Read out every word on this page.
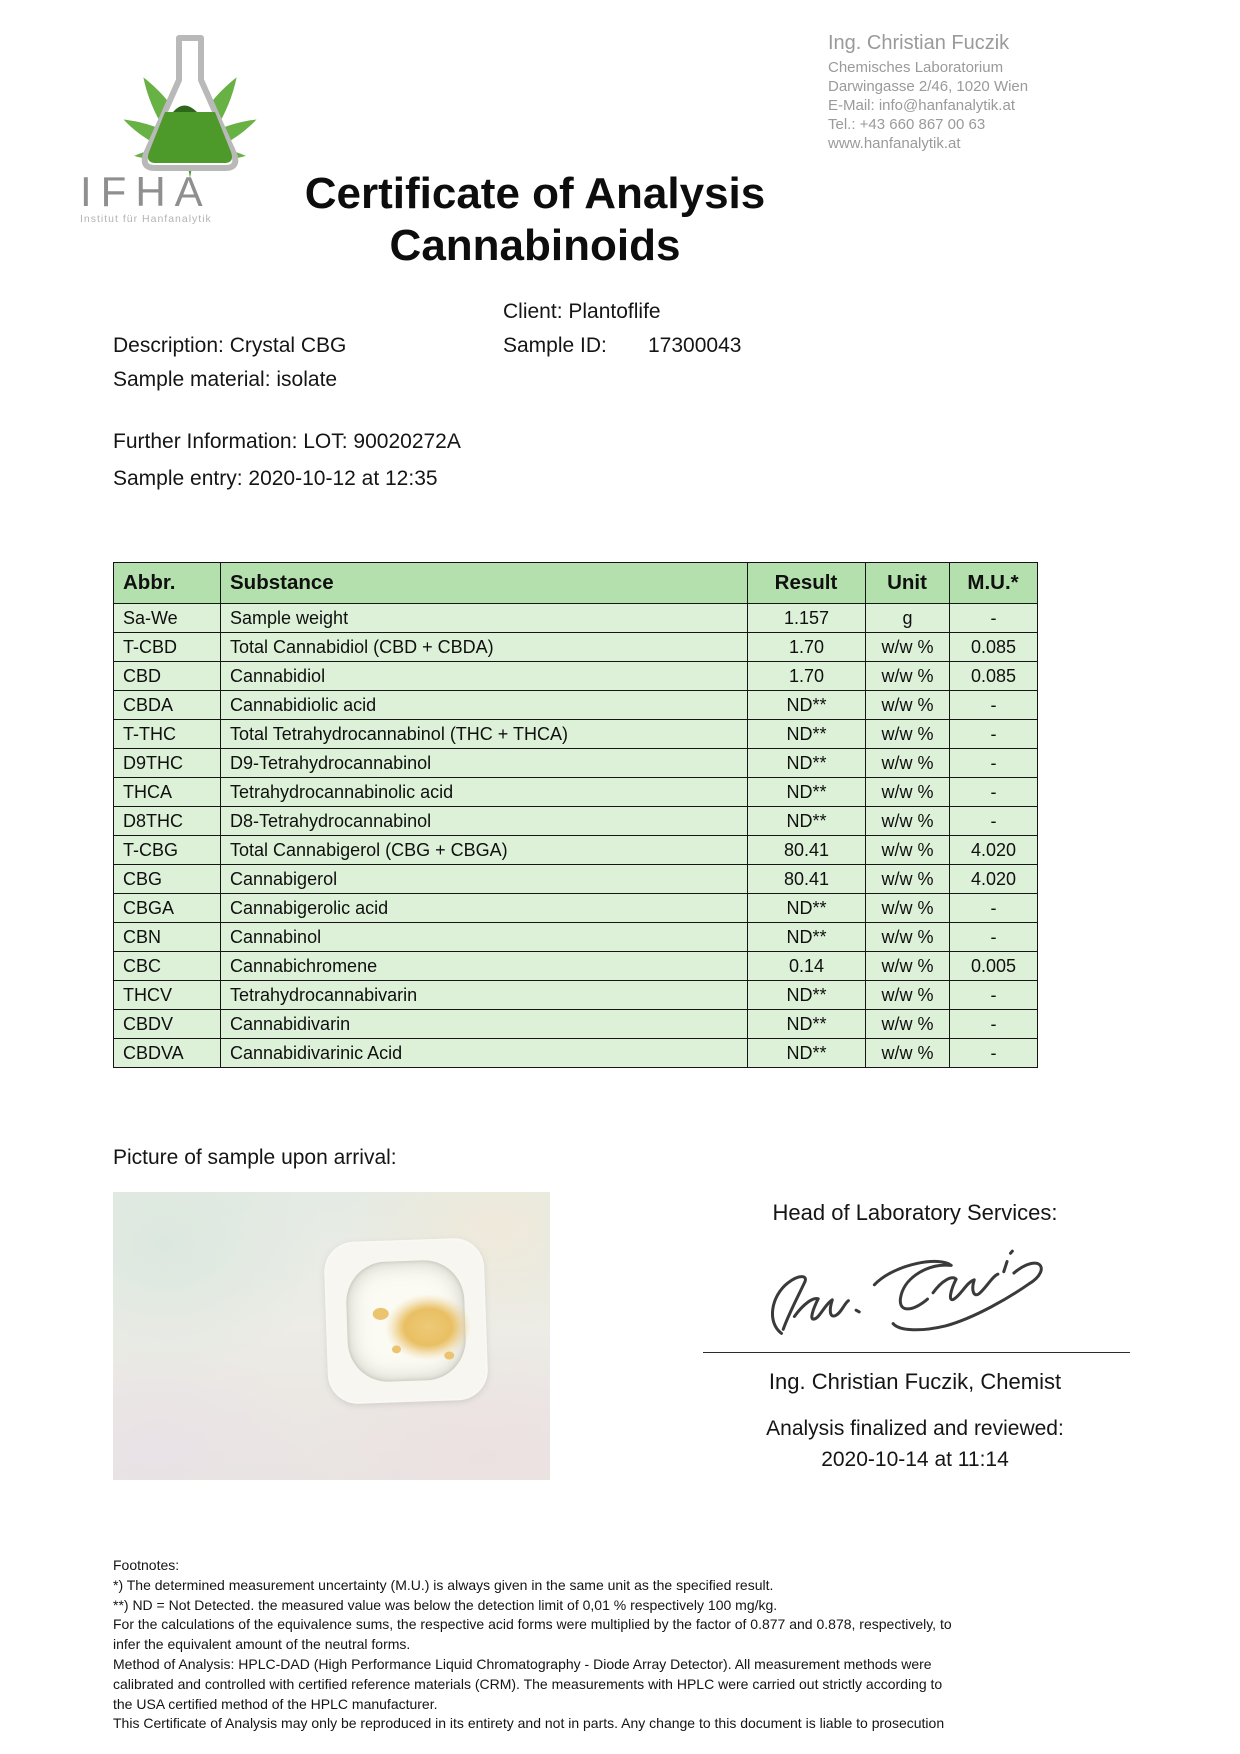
IFHA
Institut für Hanfanalytik
Ing. Christian Fuczik
Chemisches Laboratorium
Darwingasse 2/46, 1020 Wien
E-Mail: info@hanfanalytik.at
Tel.: +43 660 867 00 63
www.hanfanalytik.at
Certificate of Analysis
Cannabinoids
Client: Plantoflife
Description: Crystal CBG	Sample ID: 17300043
Sample material: isolate
Further Information: LOT: 90020272A
Sample entry: 2020-10-12 at 12:35
Abbr.	Substance	Result	Unit	M.U.*
Sa-We	Sample weight	1.157	g	-
T-CBD	Total Cannabidiol (CBD + CBDA)	1.70	w/w %	0.085
CBD	Cannabidiol	1.70	w/w %	0.085
CBDA	Cannabidiolic acid	ND**	w/w %	-
T-THC	Total Tetrahydrocannabinol (THC + THCA)	ND**	w/w %	-
D9THC	D9-Tetrahydrocannabinol	ND**	w/w %	-
THCA	Tetrahydrocannabinolic acid	ND**	w/w %	-
D8THC	D8-Tetrahydrocannabinol	ND**	w/w %	-
T-CBG	Total Cannabigerol (CBG + CBGA)	80.41	w/w %	4.020
CBG	Cannabigerol	80.41	w/w %	4.020
CBGA	Cannabigerolic acid	ND**	w/w %	-
CBN	Cannabinol	ND**	w/w %	-
CBC	Cannabichromene	0.14	w/w %	0.005
THCV	Tetrahydrocannabivarin	ND**	w/w %	-
CBDV	Cannabidivarin	ND**	w/w %	-
CBDVA	Cannabidivarinic Acid	ND**	w/w %	-
Picture of sample upon arrival:
Head of Laboratory Services:
Ing. Christian Fuczik, Chemist
Analysis finalized and reviewed:
2020-10-14 at 11:14
Footnotes:
*) The determined measurement uncertainty (M.U.) is always given in the same unit as the specified result.
**) ND = Not Detected. the measured value was below the detection limit of 0,01 % respectively 100 mg/kg.
For the calculations of the equivalence sums, the respective acid forms were multiplied by the factor of 0.877 and 0.878, respectively, to
infer the equivalent amount of the neutral forms.
Method of Analysis: HPLC-DAD (High Performance Liquid Chromatography - Diode Array Detector). All measurement methods were
calibrated and controlled with certified reference materials (CRM). The measurements with HPLC were carried out strictly according to
the USA certified method of the HPLC manufacturer.
This Certificate of Analysis may only be reproduced in its entirety and not in parts. Any change to this document is liable to prosecution
